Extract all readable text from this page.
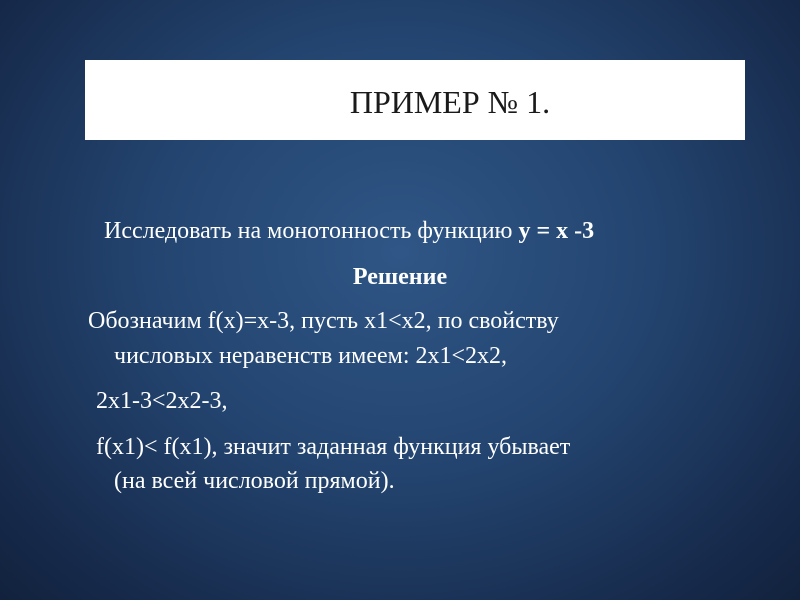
ПРИМЕР № 1.
Исследовать на монотонность функцию y = x -3
Решение
Обозначим f(x)=x-3, пусть x1<x2, по свойству
числовых неравенств имеем: 2x1<2x2,
2x1-3<2x2-3,
f(x1)< f(x1), значит заданная функция убывает
(на всей числовой прямой).
